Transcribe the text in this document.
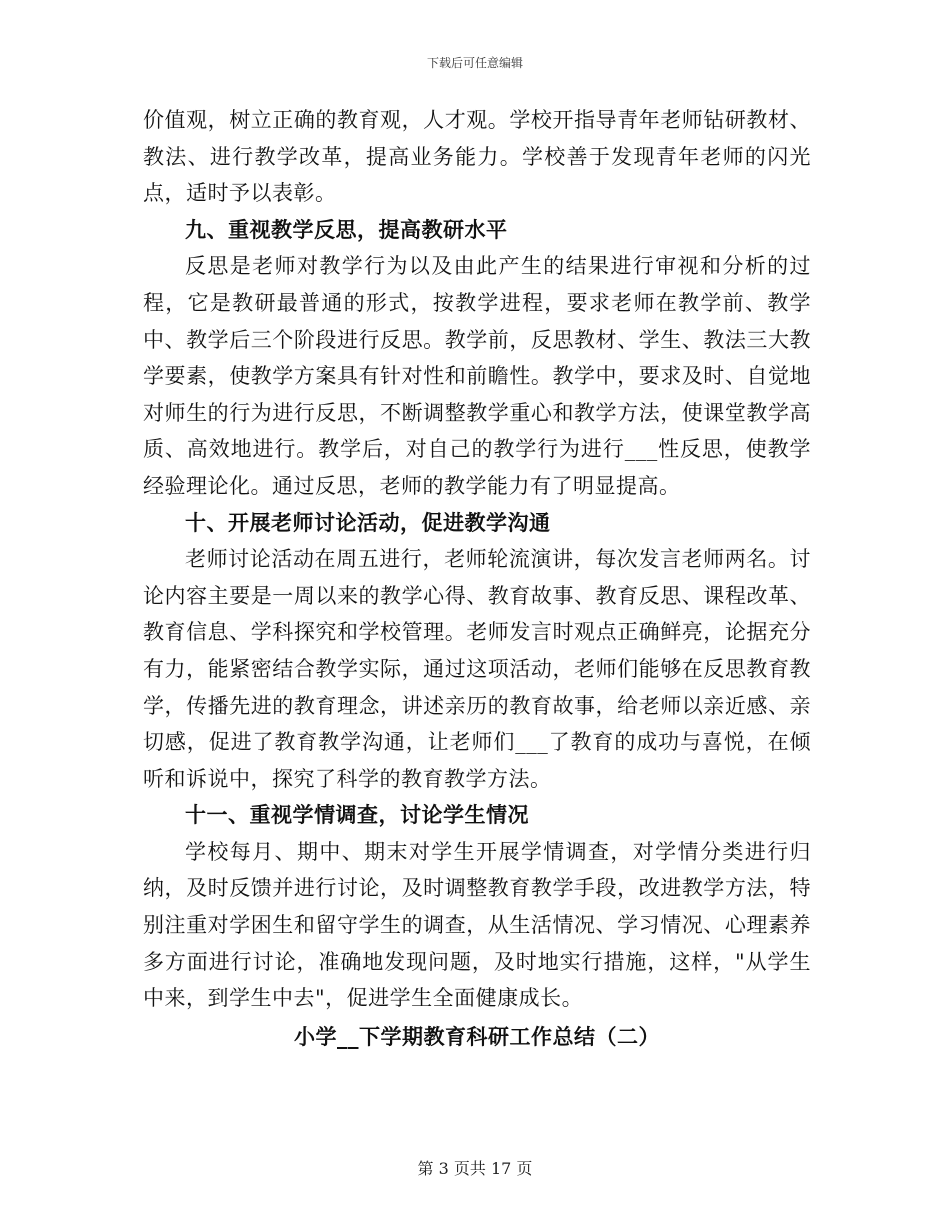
下载后可任意编辑

价值观，树立正确的教育观，人才观。学校开指导青年老师钻研教材、教法、进行教学改革，提高业务能力。学校善于发现青年老师的闪光点，适时予以表彰。

九、重视教学反思，提高教研水平

反思是老师对教学行为以及由此产生的结果进行审视和分析的过程，它是教研最普通的形式，按教学进程，要求老师在教学前、教学中、教学后三个阶段进行反思。教学前，反思教材、学生、教法三大教学要素，使教学方案具有针对性和前瞻性。教学中，要求及时、自觉地对师生的行为进行反思，不断调整教学重心和教学方法，使课堂教学高质、高效地进行。教学后，对自己的教学行为进行___性反思，使教学经验理论化。通过反思，老师的教学能力有了明显提高。

十、开展老师讨论活动，促进教学沟通

老师讨论活动在周五进行，老师轮流演讲，每次发言老师两名。讨论内容主要是一周以来的教学心得、教育故事、教育反思、课程改革、教育信息、学科探究和学校管理。老师发言时观点正确鲜亮，论据充分有力，能紧密结合教学实际，通过这项活动，老师们能够在反思教育教学，传播先进的教育理念，讲述亲历的教育故事，给老师以亲近感、亲切感，促进了教育教学沟通，让老师们___了教育的成功与喜悦，在倾听和诉说中，探究了科学的教育教学方法。

十一、重视学情调查，讨论学生情况

学校每月、期中、期末对学生开展学情调查，对学情分类进行归纳，及时反馈并进行讨论，及时调整教育教学手段，改进教学方法，特别注重对学困生和留守学生的调查，从生活情况、学习情况、心理素养多方面进行讨论，准确地发现问题，及时地实行措施，这样，"从学生中来，到学生中去"，促进学生全面健康成长。

小学__下学期教育科研工作总结（二）
第 3 页共 17 页
